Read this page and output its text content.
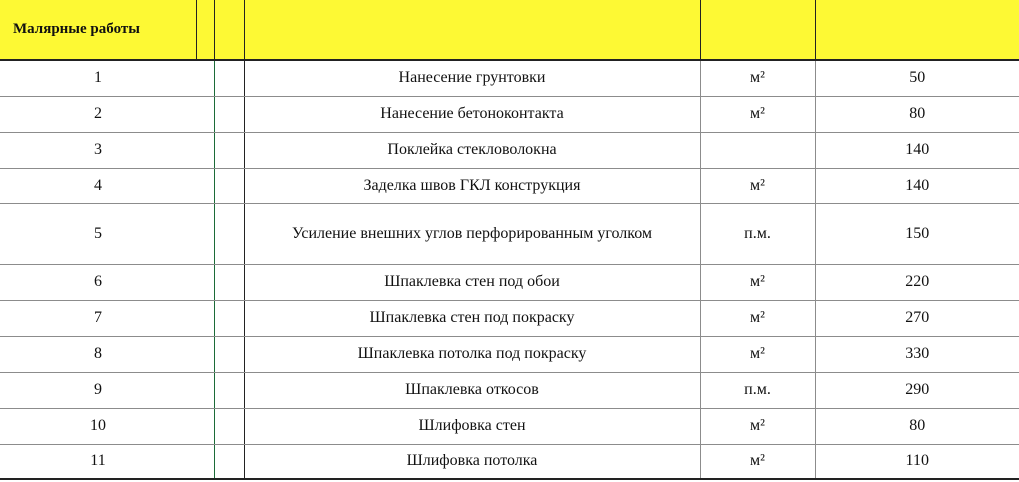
Малярные работы					
1			Нанесение грунтовки	м²	50
2			Нанесение бетоноконтакта	м²	80
3			Поклейка стекловолокна		140
4			Заделка швов ГКЛ конструкция	м²	140
5			Усиление внешних углов перфорированным уголком	п.м.	150
6			Шпаклевка стен под обои	м²	220
7			Шпаклевка стен под покраску	м²	270
8			Шпаклевка потолка под покраску	м²	330
9			Шпаклевка откосов	п.м.	290
10			Шлифовка стен	м²	80
11			Шлифовка потолка	м²	110
